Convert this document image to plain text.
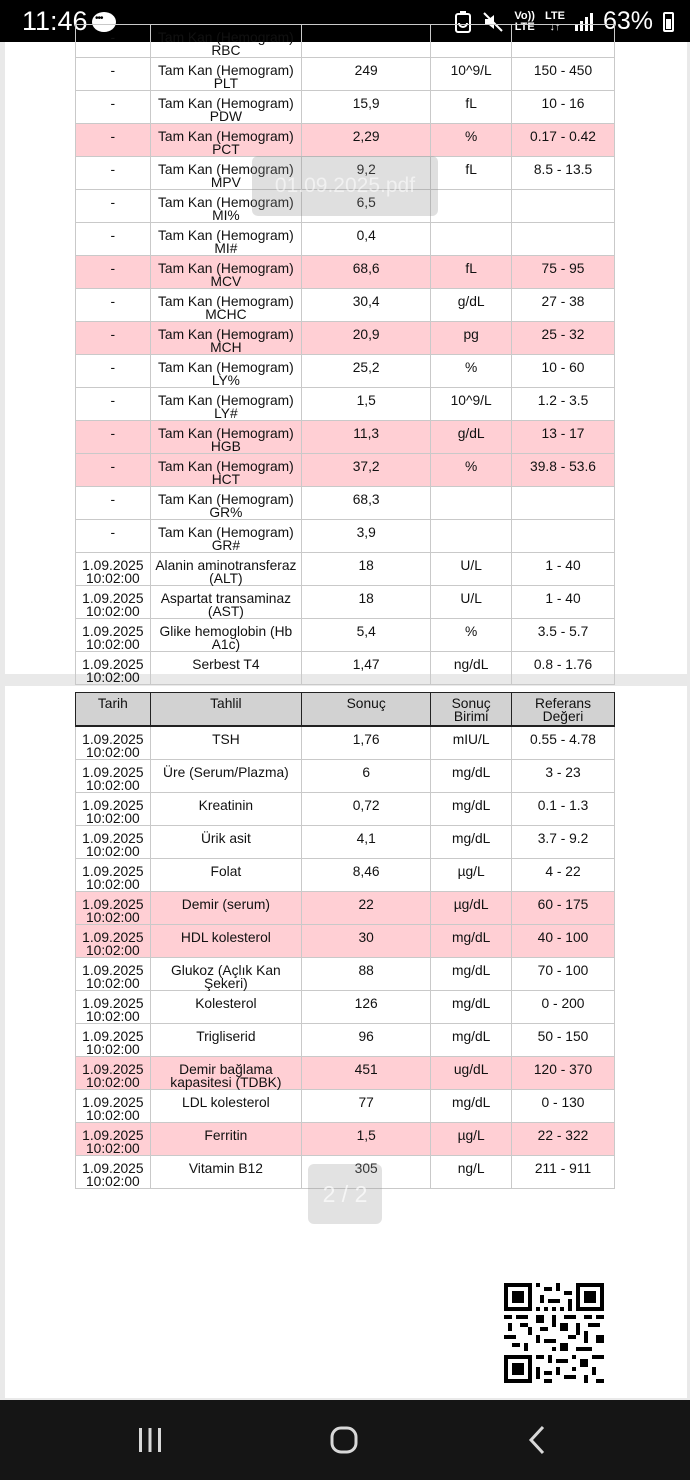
11:46 •••	Vo))
LTE
LTE
↓↑ 63%
-	Tam Kan (Hemogram)
RBC			

-	Tam Kan (Hemogram)
PLT	249	10^9/L	150 - 450

-	Tam Kan (Hemogram)
PDW	15,9	fL	10 - 16

-	Tam Kan (Hemogram)
PCT	2,29	%	0.17 - 0.42

-	Tam Kan (Hemogram)
MPV	9,2	fL	8.5 - 13.5

-	Tam Kan (Hemogram)
MI%	6,5		

-	Tam Kan (Hemogram)
MI#	0,4		

-	Tam Kan (Hemogram)
MCV	68,6	fL	75 - 95

-	Tam Kan (Hemogram)
MCHC	30,4	g/dL	27 - 38

-	Tam Kan (Hemogram)
MCH	20,9	pg	25 - 32

-	Tam Kan (Hemogram)
LY%	25,2	%	10 - 60

-	Tam Kan (Hemogram)
LY#	1,5	10^9/L	1.2 - 3.5

-	Tam Kan (Hemogram)
HGB	11,3	g/dL	13 - 17

-	Tam Kan (Hemogram)
HCT	37,2	%	39.8 - 53.6

-	Tam Kan (Hemogram)
GR%	68,3		

-	Tam Kan (Hemogram)
GR#	3,9		

1.09.2025
10:02:00	Alanin aminotransferaz
(ALT)	18	U/L	1 - 40

1.09.2025
10:02:00	Aspartat transaminaz
(AST)	18	U/L	1 - 40

1.09.2025
10:02:00	Glike hemoglobin (Hb
A1c)	5,4	%	3.5 - 5.7

1.09.2025
10:02:00	Serbest T4	1,47	ng/dL	0.8 - 1.76
Tarih	Tahlil	Sonuç	Sonuç
Birimi	Referans
Değeri

1.09.2025
10:02:00	TSH	1,76	mIU/L	0.55 - 4.78

1.09.2025
10:02:00	Üre (Serum/Plazma)	6	mg/dL	3 - 23

1.09.2025
10:02:00	Kreatinin	0,72	mg/dL	0.1 - 1.3

1.09.2025
10:02:00	Ürik asit	4,1	mg/dL	3.7 - 9.2

1.09.2025
10:02:00	Folat	8,46	µg/L	4 - 22

1.09.2025
10:02:00	Demir (serum)	22	µg/dL	60 - 175

1.09.2025
10:02:00	HDL kolesterol	30	mg/dL	40 - 100

1.09.2025
10:02:00	Glukoz (Açlık Kan
Şekeri)	88	mg/dL	70 - 100

1.09.2025
10:02:00	Kolesterol	126	mg/dL	0 - 200

1.09.2025
10:02:00	Trigliserid	96	mg/dL	50 - 150

1.09.2025
10:02:00	Demir bağlama
kapasitesi (TDBK)	451	ug/dL	120 - 370

1.09.2025
10:02:00	LDL kolesterol	77	mg/dL	0 - 130

1.09.2025
10:02:00	Ferritin	1,5	µg/L	22 - 322

1.09.2025
10:02:00	Vitamin B12	305	ng/L	211 - 911
01.09.2025.pdf
2 / 2
